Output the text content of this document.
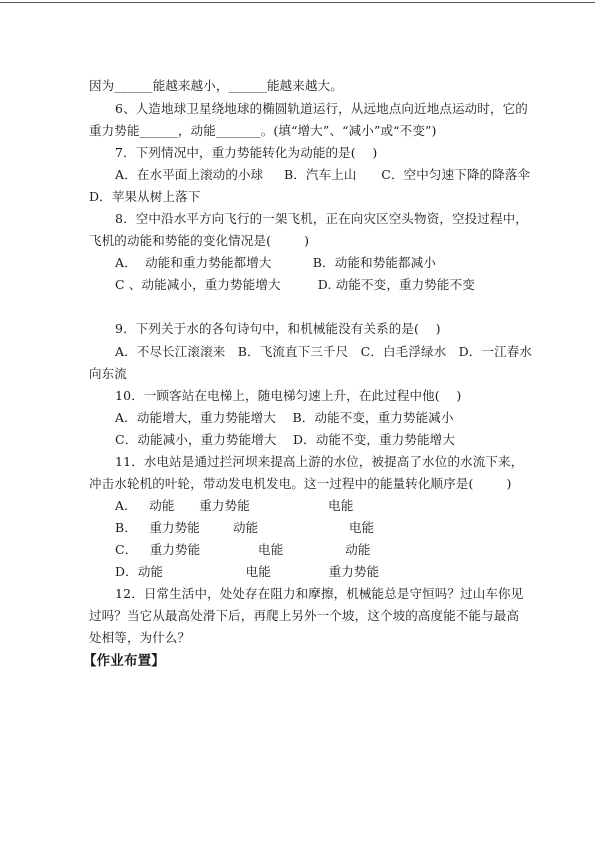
因为______能越来越小，______能越来越大。
6、人造地球卫星绕地球的椭圆轨道运行，从远地点向近地点运动时，它的
重力势能______，动能_______。(填“增大”、“减小”或“不变”)
7．下列情况中，重力势能转化为动能的是(    )
A．在水平面上滚动的小球     B．汽车上山      C．空中匀速下降的降落伞
D．苹果从树上落下
8．空中沿水平方向飞行的一架飞机，正在向灾区空头物资，空投过程中，
飞机的动能和势能的变化情况是(        )
A．  动能和重力势能都增大          B．动能和势能都减小
C 、动能减小，重力势能增大         D. 动能不变，重力势能不变
9．下列关于水的各句诗句中，和机械能没有关系的是(    )
A．不尽长江滚滚来   B．飞流直下三千尺   C．白毛浮绿水   D．一江春水
向东流
10．一顾客站在电梯上，随电梯匀速上升，在此过程中他(    )
A．动能增大，重力势能增大    B．动能不变，重力势能减小
C．动能减小，重力势能增大    D．动能不变，重力势能增大
11．水电站是通过拦河坝来提高上游的水位，被提高了水位的水流下来，
冲击水轮机的叶轮，带动发电机发电。这一过程中的能量转化顺序是(        )
A．   动能      重力势能                   电能
B．   重力势能        动能                      电能
C．   重力势能              电能               动能
D．动能                    电能              重力势能
12．日常生活中，处处存在阻力和摩擦，机械能总是守恒吗？过山车你见
过吗？当它从最高处滑下后，再爬上另外一个坡，这个坡的高度能不能与最高
处相等，为什么？
【作业布置】
